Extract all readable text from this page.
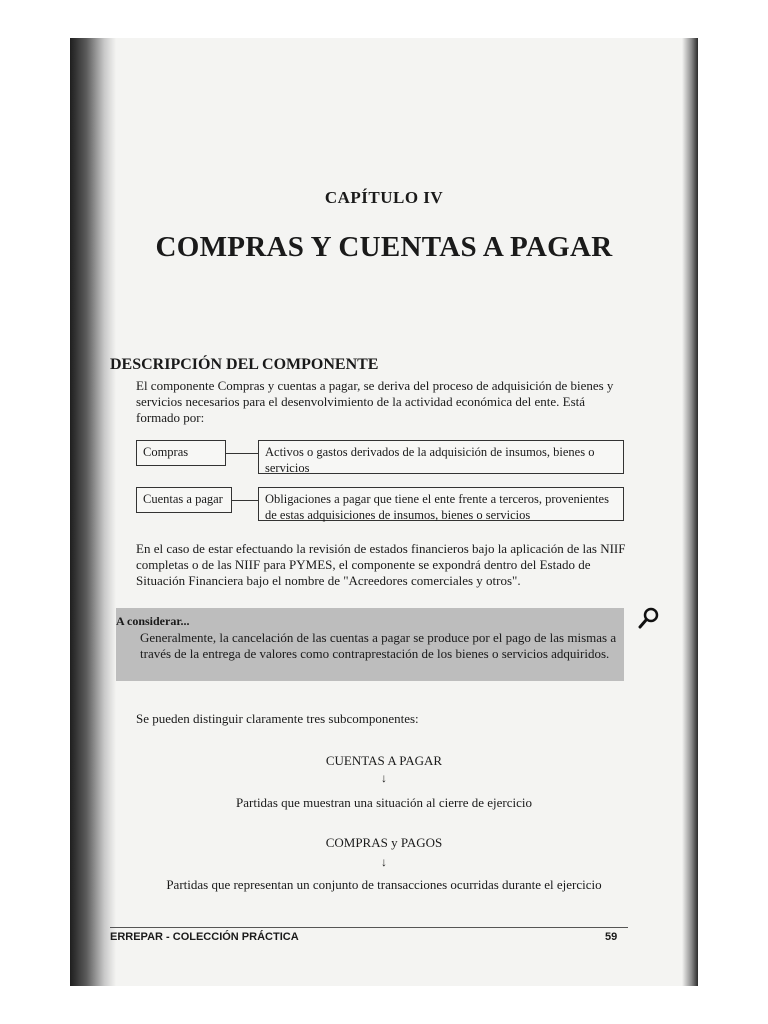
CAPÍTULO IV
COMPRAS Y CUENTAS A PAGAR
DESCRIPCIÓN DEL COMPONENTE
El componente Compras y cuentas a pagar, se deriva del proceso de adquisición de bienes y servicios necesarios para el desenvolvimiento de la actividad económica del ente. Está formado por:
Compras	Activos o gastos derivados de la adquisición de insumos, bienes o servicios
Cuentas a pagar	Obligaciones a pagar que tiene el ente frente a terceros, provenientes de estas adquisiciones de insumos, bienes o servicios
En el caso de estar efectuando la revisión de estados financieros bajo la aplicación de las NIIF completas o de las NIIF para PYMES, el componente se expondrá dentro del Estado de Situación Financiera bajo el nombre de "Acreedores comerciales y otros".
A considerar...
Generalmente, la cancelación de las cuentas a pagar se produce por el pago de las mismas a través de la entrega de valores como contraprestación de los bienes o servicios adquiridos.
Se pueden distinguir claramente tres subcomponentes:
CUENTAS A PAGAR
↓
Partidas que muestran una situación al cierre de ejercicio
COMPRAS y PAGOS
↓
Partidas que representan un conjunto de transacciones ocurridas durante el ejercicio
ERREPAR - COLECCIÓN PRÁCTICA	59
